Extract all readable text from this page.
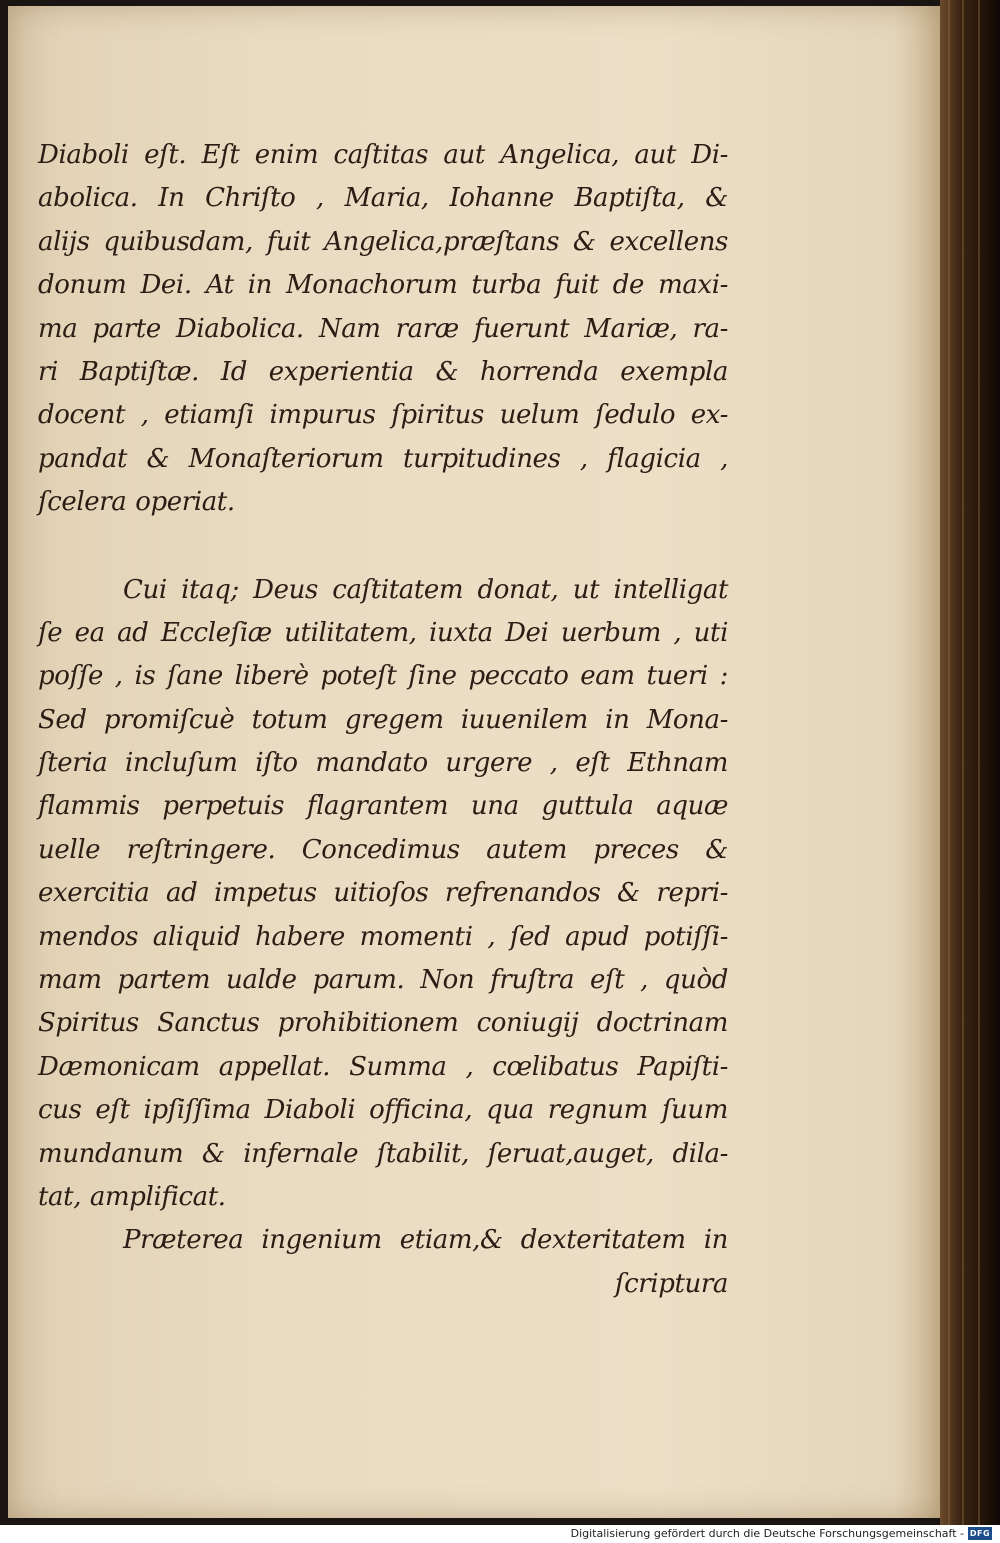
Diaboli eſt. Eſt enim caſtitas aut Angelica, aut Di-
abolica. In Chriſto , Maria, Iohanne Baptiſta, &
alijs quibusdam, fuit Angelica,præſtans & excellens
donum Dei. At in Monachorum turba fuit de maxi-
ma parte Diabolica. Nam raræ fuerunt Mariæ, ra-
ri Baptiſtæ. Id experientia & horrenda exempla
docent , etiamſi impurus ſpiritus uelum ſedulo ex-
pandat & Monaſteriorum turpitudines , flagicia ,
ſcelera operiat.
Cui itaq; Deus caſtitatem donat, ut intelligat
ſe ea ad Eccleſiæ utilitatem, iuxta Dei uerbum , uti
poſſe , is ſane liberè poteſt ſine peccato eam tueri :
Sed promiſcuè totum gregem iuuenilem in Mona-
ſteria incluſum iſto mandato urgere , eſt Ethnam
flammis perpetuis flagrantem una guttula aquæ
uelle reſtringere. Concedimus autem preces &
exercitia ad impetus uitioſos refrenandos & repri-
mendos aliquid habere momenti , ſed apud potiſſi-
mam partem ualde parum. Non fruſtra eſt , quòd
Spiritus Sanctus prohibitionem coniugij doctrinam
Dæmonicam appellat. Summa , cœlibatus Papiſti-
cus eſt ipſiſſima Diaboli officina, qua regnum ſuum
mundanum & infernale ſtabilit, ſeruat,auget, dila-
tat, amplificat.
Præterea ingenium etiam,& dexteritatem in
ſcriptura
Digitalisierung gefördert durch die Deutsche Forschungsgemeinschaft - DFG
